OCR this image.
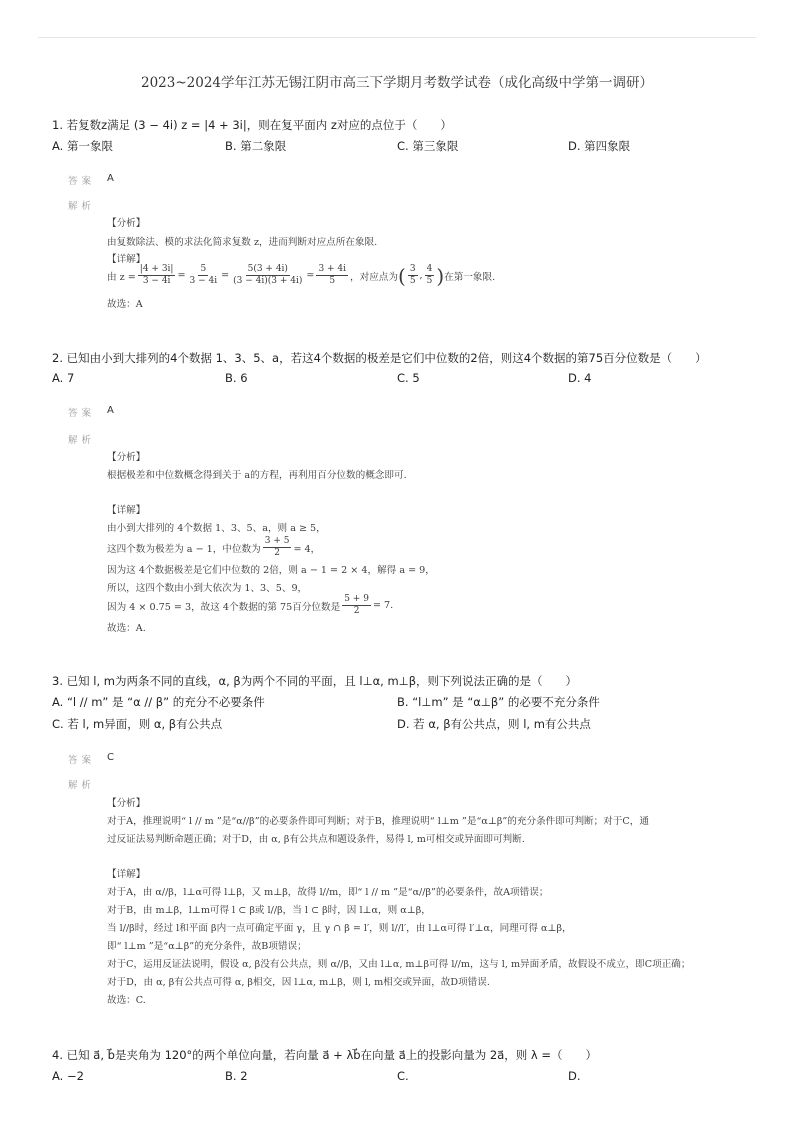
2023~2024学年江苏无锡江阴市高三下学期月考数学试卷（成化高级中学第一调研）
1. 若复数z满足 (3 − 4i) z = |4 + 3i|，则在复平面内 z对应的点位于（　　）
A. 第一象限	B. 第二象限	C. 第三象限	D. 第四象限
答案 A
解析
【分析】
由复数除法、模的求法化简求复数 z，进而判断对应点所在象限.
【详解】
由 $z = \frac{|4 + 3i|}{3 - 4i} = \frac{5}{3 - 4i} = \frac{5(3 + 4i)}{(3 - 4i)(3 + 4i)} = \frac{3 + 4i}{5}$ ，对应点为 ( $\frac{3}{5}$ , $\frac{4}{5}$ ) 在第一象限.
故选：A
2. 已知由小到大排列的4个数据 1、3、5、a，若这4个数据的极差是它们中位数的2倍，则这4个数据的第75百分位数是（　　）
A. 7	B. 6	C. 5	D. 4
答案 A
解析
【分析】
根据极差和中位数概念得到关于 a的方程，再利用百分位数的概念即可.
【详解】
由小到大排列的 4个数据 1、3、5、a，则 a ≥ 5，
这四个数为极差为 a − 1，中位数为 $\frac{3 + 5}{2} = 4$，
因为这 4个数据极差是它们中位数的 2倍，则 a − 1 = 2 × 4，解得 a = 9，
所以，这四个数由小到大依次为 1、3、5、9，
因为 4 × 0.75 = 3，故这 4个数据的第 75百分位数是 $\frac{5 + 9}{2} = 7$.
故选：A.
3. 已知 l, m为两条不同的直线，α, β为两个不同的平面，且 l⊥α, m⊥β，则下列说法正确的是（　　）
A. “l // m” 是 “α // β” 的充分不必要条件	B. “l⊥m” 是 “α⊥β” 的必要不充分条件
C. 若 l, m异面，则 α, β有公共点	D. 若 α, β有公共点，则 l, m有公共点
答案 C
解析
【分析】
对于A，推理说明“ l // m ”是“α//β”的必要条件即可判断；对于B，推理说明“ l⊥m ”是“α⊥β”的充分条件即可判断；对于C，通
过反证法易判断命题正确；对于D，由 α, β有公共点和题设条件，易得 l, m可相交或异面即可判断.
【详解】
对于A，由 α//β，l⊥α可得 l⊥β，又 m⊥β，故得 l//m，即“ l // m ”是“α//β”的必要条件，故A项错误；
对于B，由 m⊥β，l⊥m可得 l ⊂ β或 l//β，当 l ⊂ β时，因 l⊥α，则 α⊥β，
当 l//β时，经过 l和平面 β内一点可确定平面 γ，且 γ ∩ β = l′，则 l//l′，由 l⊥α可得 l′⊥α，同理可得 α⊥β，
即“ l⊥m ”是“α⊥β”的充分条件，故B项错误；
对于C，运用反证法说明，假设 α, β没有公共点，则 α//β，又由 l⊥α, m⊥β可得 l//m，这与 l, m异面矛盾，故假设不成立，即C项正确；
对于D，由 α, β有公共点可得 α, β相交，因 l⊥α, m⊥β，则 l, m相交或异面，故D项错误.
故选：C.
4. 已知 a⃗, b⃗是夹角为 120°的两个单位向量，若向量 a⃗ + λb⃗在向量 a⃗上的投影向量为 2a⃗，则 λ =（　　）
A. −2	B. 2	C.	D.
